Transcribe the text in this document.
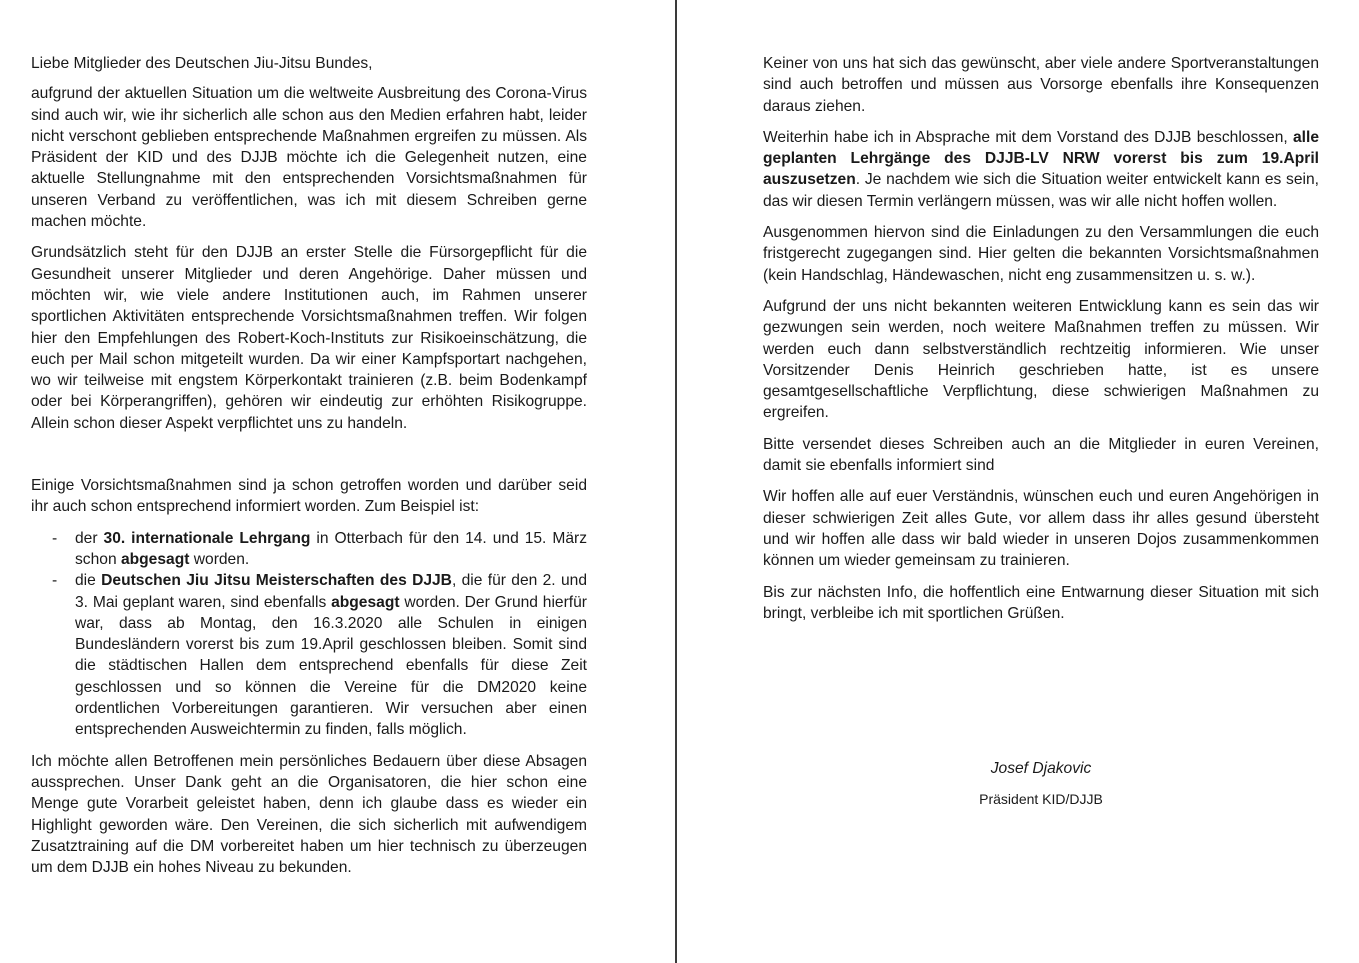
Liebe Mitglieder des Deutschen Jiu-Jitsu Bundes,

aufgrund der aktuellen Situation um die weltweite Ausbreitung des Corona-Virus sind auch wir, wie ihr sicherlich alle schon aus den Medien erfahren habt, leider nicht verschont geblieben entsprechende Maßnahmen ergreifen zu müssen. Als Präsident der KID und des DJJB möchte ich die Gelegenheit nutzen, eine aktuelle Stellungnahme mit den entsprechenden Vorsichtsmaßnahmen für unseren Verband zu veröffentlichen, was ich mit diesem Schreiben gerne machen möchte.

Grundsätzlich steht für den DJJB an erster Stelle die Fürsorgepflicht für die Gesundheit unserer Mitglieder und deren Angehörige. Daher müssen und möchten wir, wie viele andere Institutionen auch, im Rahmen unserer sportlichen Aktivitäten entsprechende Vorsichtsmaßnahmen treffen. Wir folgen hier den Empfehlungen des Robert-Koch-Instituts zur Risikoeinschätzung, die euch per Mail schon mitgeteilt wurden. Da wir einer Kampfsportart nachgehen, wo wir teilweise mit engstem Körperkontakt trainieren (z.B. beim Bodenkampf oder bei Körperangriffen), gehören wir eindeutig zur erhöhten Risikogruppe. Allein schon dieser Aspekt verpflichtet uns zu handeln.

Einige Vorsichtsmaßnahmen sind ja schon getroffen worden und darüber seid ihr auch schon entsprechend informiert worden. Zum Beispiel ist:

- der 30. internationale Lehrgang in Otterbach für den 14. und 15. März schon abgesagt worden.
- die Deutschen Jiu Jitsu Meisterschaften des DJJB, die für den 2. und 3. Mai geplant waren, sind ebenfalls abgesagt worden. Der Grund hierfür war, dass ab Montag, den 16.3.2020 alle Schulen in einigen Bundesländern vorerst bis zum 19.April geschlossen bleiben. Somit sind die städtischen Hallen dem entsprechend ebenfalls für diese Zeit geschlossen und so können die Vereine für die DM2020 keine ordentlichen Vorbereitungen garantieren. Wir versuchen aber einen entsprechenden Ausweichtermin zu finden, falls möglich.

Ich möchte allen Betroffenen mein persönliches Bedauern über diese Absagen aussprechen. Unser Dank geht an die Organisatoren, die hier schon eine Menge gute Vorarbeit geleistet haben, denn ich glaube dass es wieder ein Highlight geworden wäre. Den Vereinen, die sich sicherlich mit aufwendigem Zusatztraining auf die DM vorbereitet haben um hier technisch zu überzeugen um dem DJJB ein hohes Niveau zu bekunden.

Keiner von uns hat sich das gewünscht, aber viele andere Sportveranstaltungen sind auch betroffen und müssen aus Vorsorge ebenfalls ihre Konsequenzen daraus ziehen.

Weiterhin habe ich in Absprache mit dem Vorstand des DJJB beschlossen, alle geplanten Lehrgänge des DJJB-LV NRW vorerst bis zum 19.April auszusetzen. Je nachdem wie sich die Situation weiter entwickelt kann es sein, das wir diesen Termin verlängern müssen, was wir alle nicht hoffen wollen.

Ausgenommen hiervon sind die Einladungen zu den Versammlungen die euch fristgerecht zugegangen sind. Hier gelten die bekannten Vorsichtsmaßnahmen (kein Handschlag, Händewaschen, nicht eng zusammensitzen u. s. w.).

Aufgrund der uns nicht bekannten weiteren Entwicklung kann es sein das wir gezwungen sein werden, noch weitere Maßnahmen treffen zu müssen. Wir werden euch dann selbstverständlich rechtzeitig informieren. Wie unser Vorsitzender Denis Heinrich geschrieben hatte, ist es unsere gesamtgesellschaftliche Verpflichtung, diese schwierigen Maßnahmen zu ergreifen.

Bitte versendet dieses Schreiben auch an die Mitglieder in euren Vereinen, damit sie ebenfalls informiert sind

Wir hoffen alle auf euer Verständnis, wünschen euch und euren Angehörigen in dieser schwierigen Zeit alles Gute, vor allem dass ihr alles gesund übersteht und wir hoffen alle dass wir bald wieder in unseren Dojos zusammenkommen können um wieder gemeinsam zu trainieren.

Bis zur nächsten Info, die hoffentlich eine Entwarnung dieser Situation mit sich bringt, verbleibe ich mit sportlichen Grüßen.

Josef Djakovic
Präsident KID/DJJB
